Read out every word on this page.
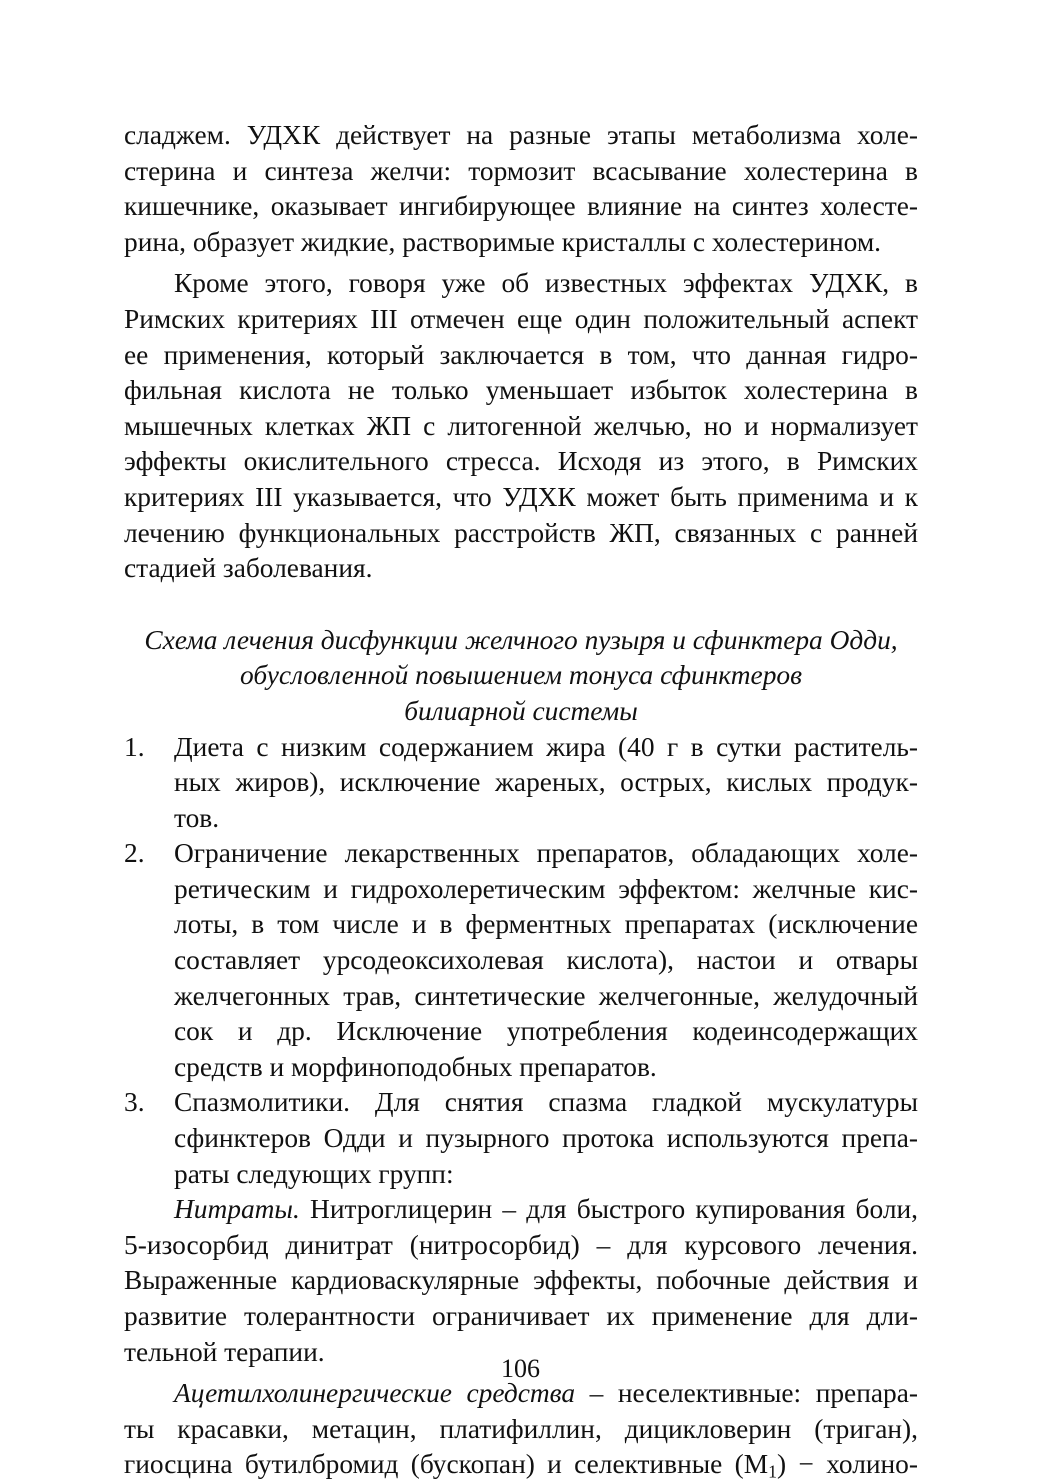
сладжем. УДХК действует на разные этапы метаболизма холе-
стерина и синтеза желчи: тормозит всасывание холестерина в
кишечнике, оказывает ингибирующее влияние на синтез холесте-
рина, образует жидкие, растворимые кристаллы с холестерином.

Кроме этого, говоря уже об известных эффектах УДХК, в
Римских критериях III отмечен еще один положительный аспект
ее применения, который заключается в том, что данная гидро-
фильная кислота не только уменьшает избыток холестерина в
мышечных клетках ЖП с литогенной желчью, но и нормализует
эффекты окислительного стресса. Исходя из этого, в Римских
критериях III указывается, что УДХК может быть применима и к
лечению функциональных расстройств ЖП, связанных с ранней
стадией заболевания.

Схема лечения дисфункции желчного пузыря и сфинктера Одди,
обусловленной повышением тонуса сфинктеров
билиарной системы
1. Диета с низким содержанием жира (40 г в сутки раститель-
ных жиров), исключение жареных, острых, кислых продук-
тов.
2. Ограничение лекарственных препаратов, обладающих холе-
ретическим и гидрохолеретическим эффектом: желчные кис-
лоты, в том числе и в ферментных препаратах (исключение
составляет урсодеоксихолевая кислота), настои и отвары
желчегонных трав, синтетические желчегонные, желудочный
сок и др. Исключение употребления кодеинсодержащих
средств и морфиноподобных препаратов.
3. Спазмолитики. Для снятия спазма гладкой мускулатуры
сфинктеров Одди и пузырного протока используются препа-
раты следующих групп:

Нитраты. Нитроглицерин – для быстрого купирования боли,
5-изосорбид динитрат (нитросорбид) – для курсового лечения.
Выраженные кардиоваскулярные эффекты, побочные действия и
развитие толерантности ограничивает их применение для дли-
тельной терапии.

Ацетилхолинергические средства – неселективные: препара-
ты красавки, метацин, платифиллин, дицикловерин (триган),
гиосцина бутилбромид (бускопан) и селективные $(М_1)$ − холино-

106
